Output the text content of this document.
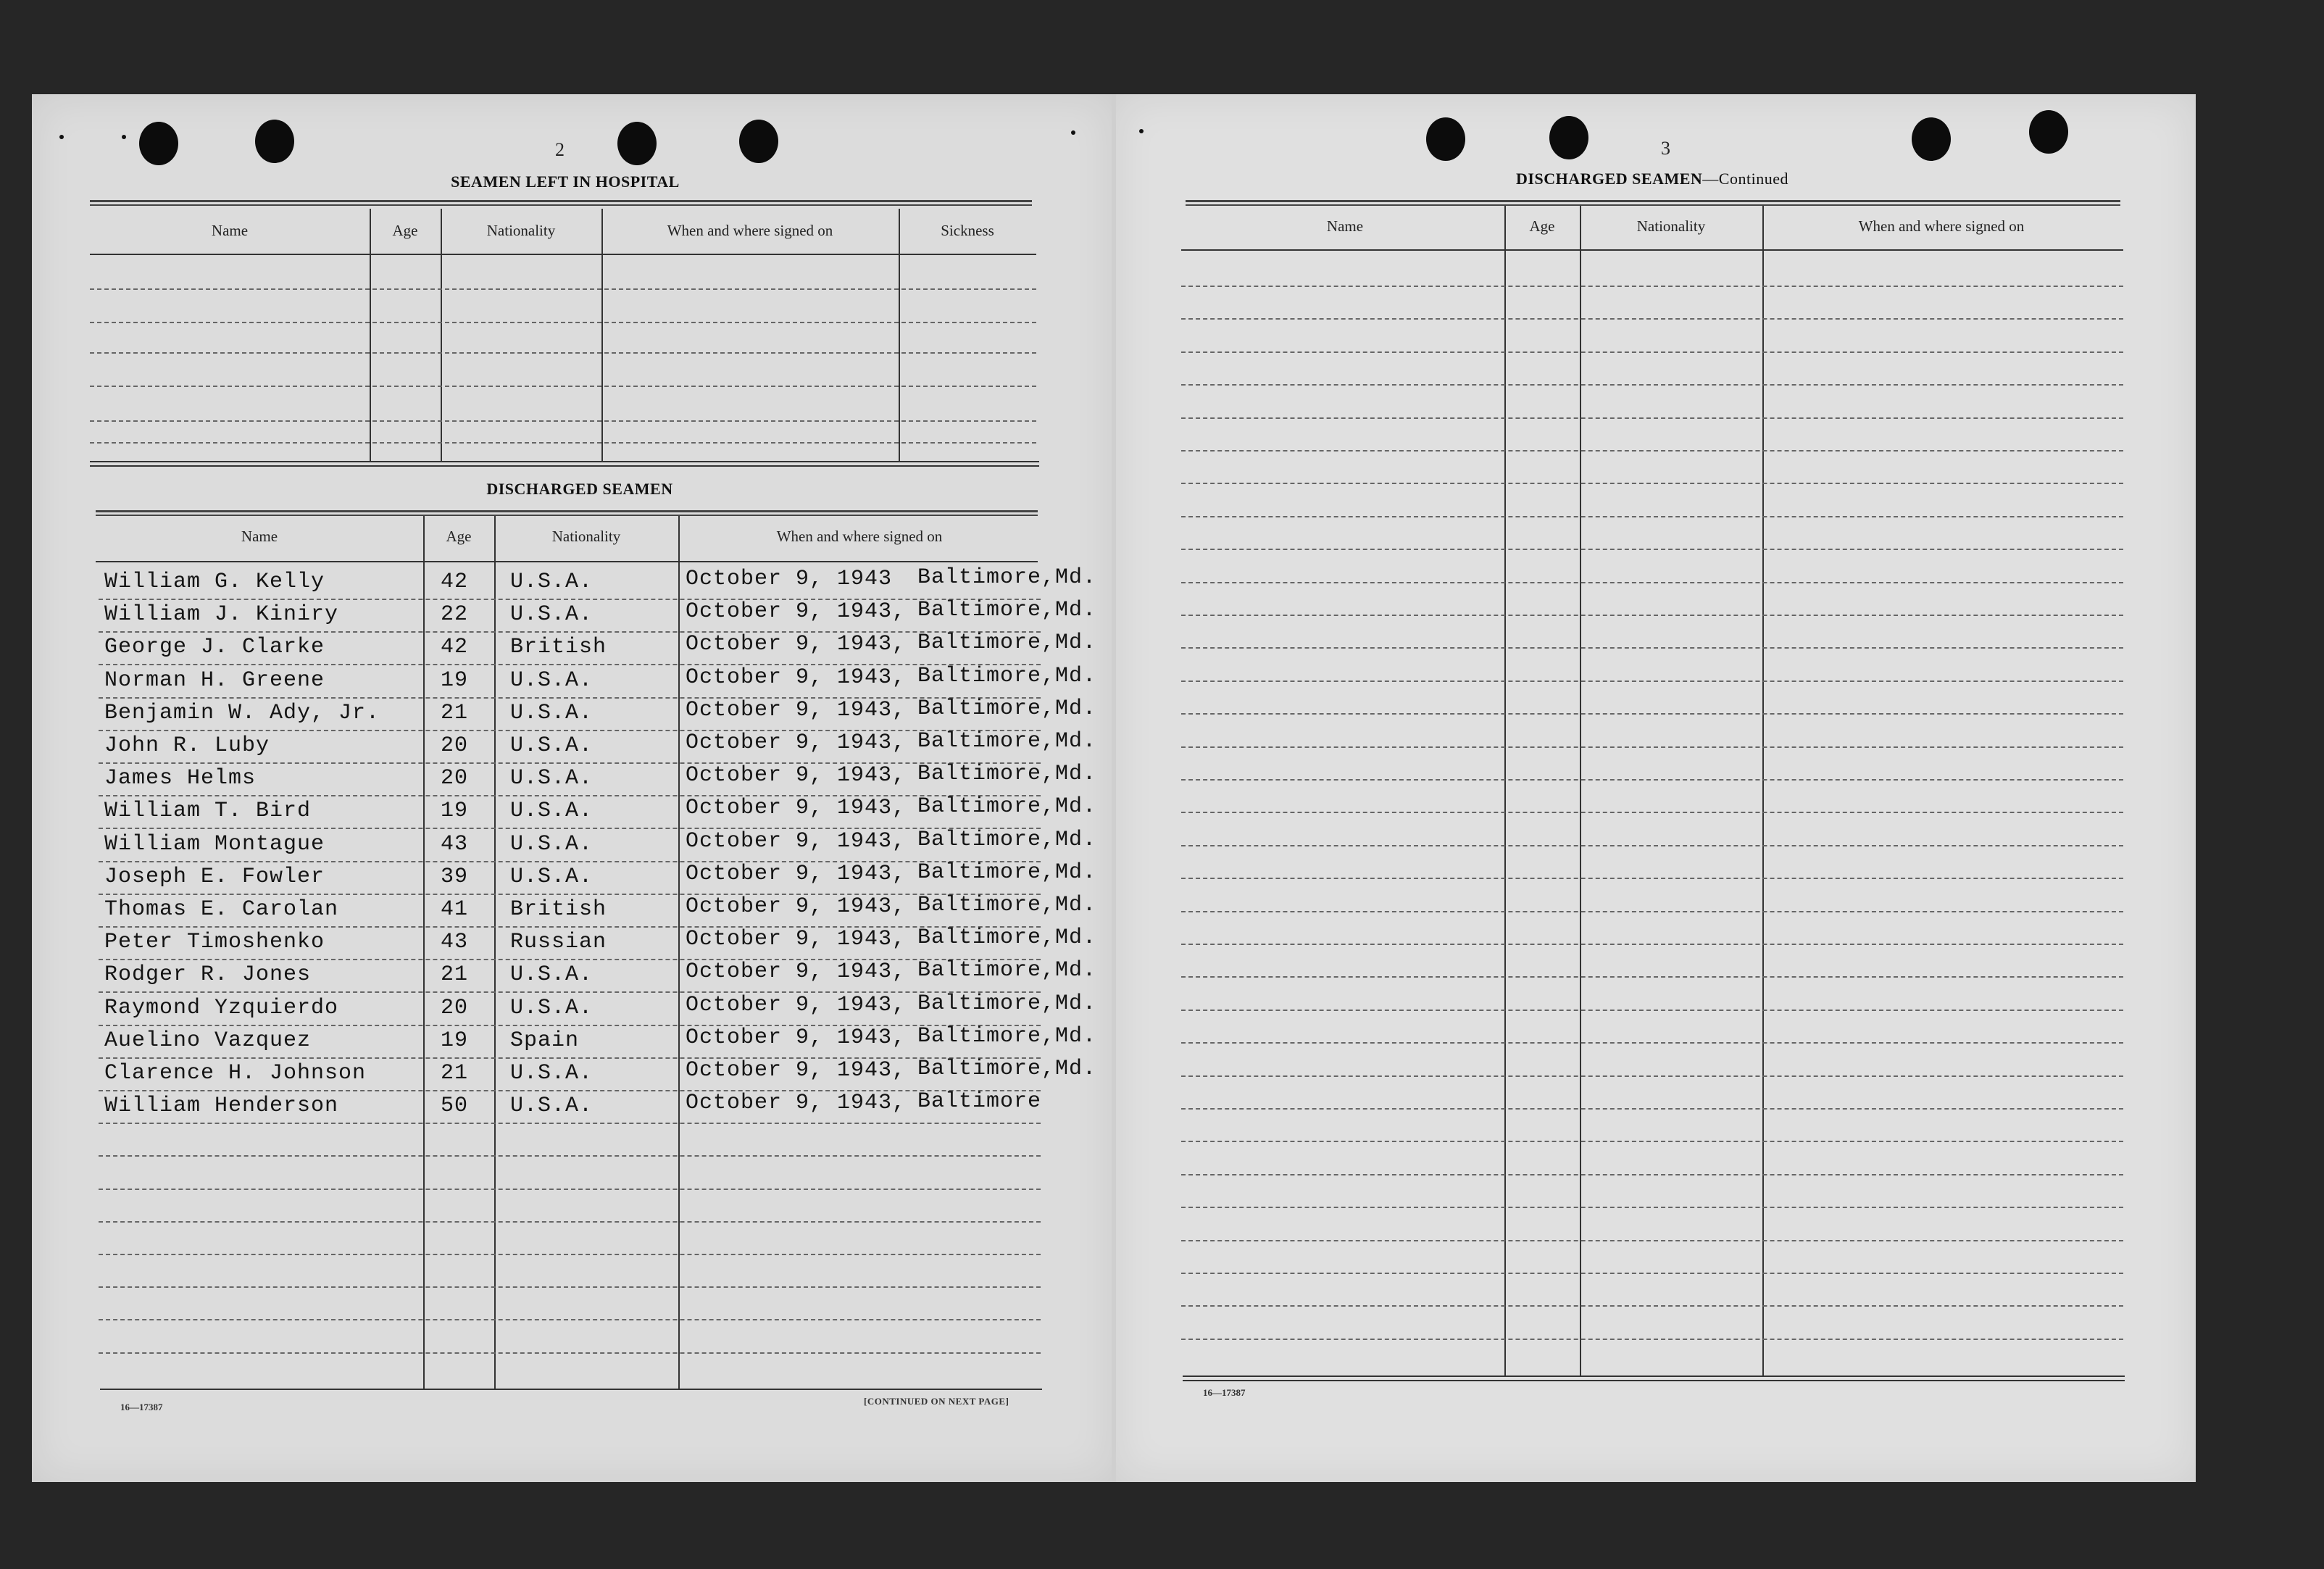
2
SEAMEN LEFT IN HOSPITAL
DISCHARGED SEAMEN
16—17387
[CONTINUED ON NEXT PAGE]
3
DISCHARGED SEAMEN—Continued
16—17387
Name	Age	Nationality	When and where signed on	Sickness
Name	Age	Nationality	When and where signed on
William G. Kelly	42 U.S.A.	October 9, 1943 Baltimore,Md.
William J. Kiniry	22 U.S.A.	October 9, 1943, Baltimore,Md.
George J. Clarke	42 British	October 9, 1943, Baltimore,Md.
Norman H. Greene	19 U.S.A.	October 9, 1943, Baltimore,Md.
Benjamin W. Ady, Jr.	21 U.S.A.	October 9, 1943, Baltimore,Md.
John R. Luby	20 U.S.A.	October 9, 1943, Baltimore,Md.
James Helms	20 U.S.A.	October 9, 1943, Baltimore,Md.
William T. Bird	19 U.S.A.	October 9, 1943, Baltimore,Md.
William Montague	43 U.S.A.	October 9, 1943, Baltimore,Md.
Joseph E. Fowler	39 U.S.A.	October 9, 1943, Baltimore,Md.
Thomas E. Carolan	41 British	October 9, 1943, Baltimore,Md.
Peter Timoshenko	43 Russian	October 9, 1943, Baltimore,Md.
Rodger R. Jones	21 U.S.A.	October 9, 1943, Baltimore,Md.
Raymond Yzquierdo	20 U.S.A.	October 9, 1943, Baltimore,Md.
Auelino Vazquez	19 Spain	October 9, 1943, Baltimore,Md.
Clarence H. Johnson	21 U.S.A.	October 9, 1943, Baltimore,Md.
William Henderson	50 U.S.A.	October 9, 1943, Baltimore
Name	Age	Nationality	When and where signed on
